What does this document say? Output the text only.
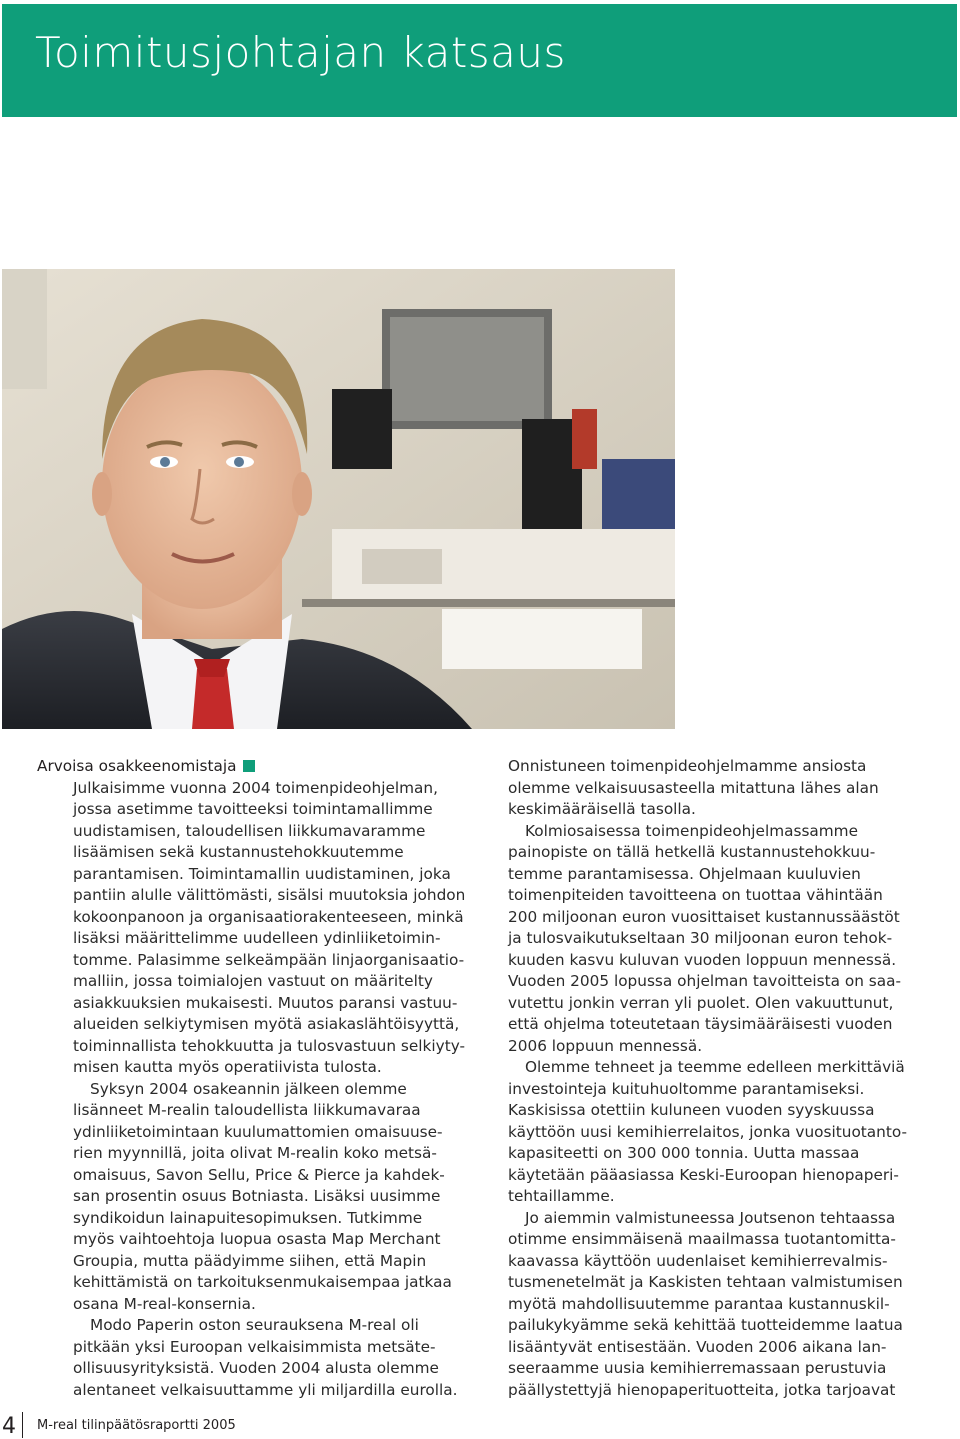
Toimitusjohtajan katsaus
Arvoisa osakkeenomistaja
Julkaisimme vuonna 2004 toimenpideohjelman,
jossa asetimme tavoitteeksi toimintamallimme
uudistamisen, taloudellisen liikkumavaramme
lisäämisen sekä kustannustehokkuutemme
parantamisen. Toimintamallin uudistaminen, joka
pantiin alulle välittömästi, sisälsi muutoksia johdon
kokoonpanoon ja organisaatiorakenteeseen, minkä
lisäksi määrittelimme uudelleen ydinliiketoimin-
tomme. Palasimme selkeämpään linjaorganisaatio-
malliin, jossa toimialojen vastuut on määritelty
asiakkuuksien mukaisesti. Muutos paransi vastuu-
alueiden selkiytymisen myötä asiakaslähtöisyyttä,
toiminnallista tehokkuutta ja tulosvastuun selkiyty-
misen kautta myös operatiivista tulosta.
Syksyn 2004 osakeannin jälkeen olemme
lisänneet M-realin taloudellista liikkumavaraa
ydinliiketoimintaan kuulumattomien omaisuuse-
rien myynnillä, joita olivat M-realin koko metsä-
omaisuus, Savon Sellu, Price & Pierce ja kahdek-
san prosentin osuus Botniasta. Lisäksi uusimme
syndikoidun lainapuitesopimuksen. Tutkimme
myös vaihtoehtoja luopua osasta Map Merchant
Groupia, mutta päädyimme siihen, että Mapin
kehittämistä on tarkoituksenmukaisempaa jatkaa
osana M-real-konsernia.
Modo Paperin oston seurauksena M-real oli
pitkään yksi Euroopan velkaisimmista metsäte-
ollisuusyrityksistä. Vuoden 2004 alusta olemme
alentaneet velkaisuuttamme yli miljardilla eurolla.
Onnistuneen toimenpideohjelmamme ansiosta
olemme velkaisuusasteella mitattuna lähes alan
keskimääräisellä tasolla.
Kolmiosaisessa toimenpideohjelmassamme
painopiste on tällä hetkellä kustannustehokkuu-
temme parantamisessa. Ohjelmaan kuuluvien
toimenpiteiden tavoitteena on tuottaa vähintään
200 miljoonan euron vuosittaiset kustannussäästöt
ja tulosvaikutukseltaan 30 miljoonan euron tehok-
kuuden kasvu kuluvan vuoden loppuun mennessä.
Vuoden 2005 lopussa ohjelman tavoitteista on saa-
vutettu jonkin verran yli puolet. Olen vakuuttunut,
että ohjelma toteutetaan täysimääräisesti vuoden
2006 loppuun mennessä.
Olemme tehneet ja teemme edelleen merkittäviä
investointeja kuituhuoltomme parantamiseksi.
Kaskisissa otettiin kuluneen vuoden syyskuussa
käyttöön uusi kemihierrelaitos, jonka vuosituotanto-
kapasiteetti on 300 000 tonnia. Uutta massaa
käytetään pääasiassa Keski-Euroopan hienopaperi-
tehtaillamme.
Jo aiemmin valmistuneessa Joutsenon tehtaassa
otimme ensimmäisenä maailmassa tuotantomitta-
kaavassa käyttöön uudenlaiset kemihierrevalmis-
tusmenetelmät ja Kaskisten tehtaan valmistumisen
myötä mahdollisuutemme parantaa kustannuskil-
pailukykyämme sekä kehittää tuotteidemme laatua
lisääntyvät entisestään. Vuoden 2006 aikana lan-
seeraamme uusia kemihierremassaan perustuvia
päällystettyjä hienopaperituotteita, jotka tarjoavat
4 M-real tilinpäätösraportti 2005
